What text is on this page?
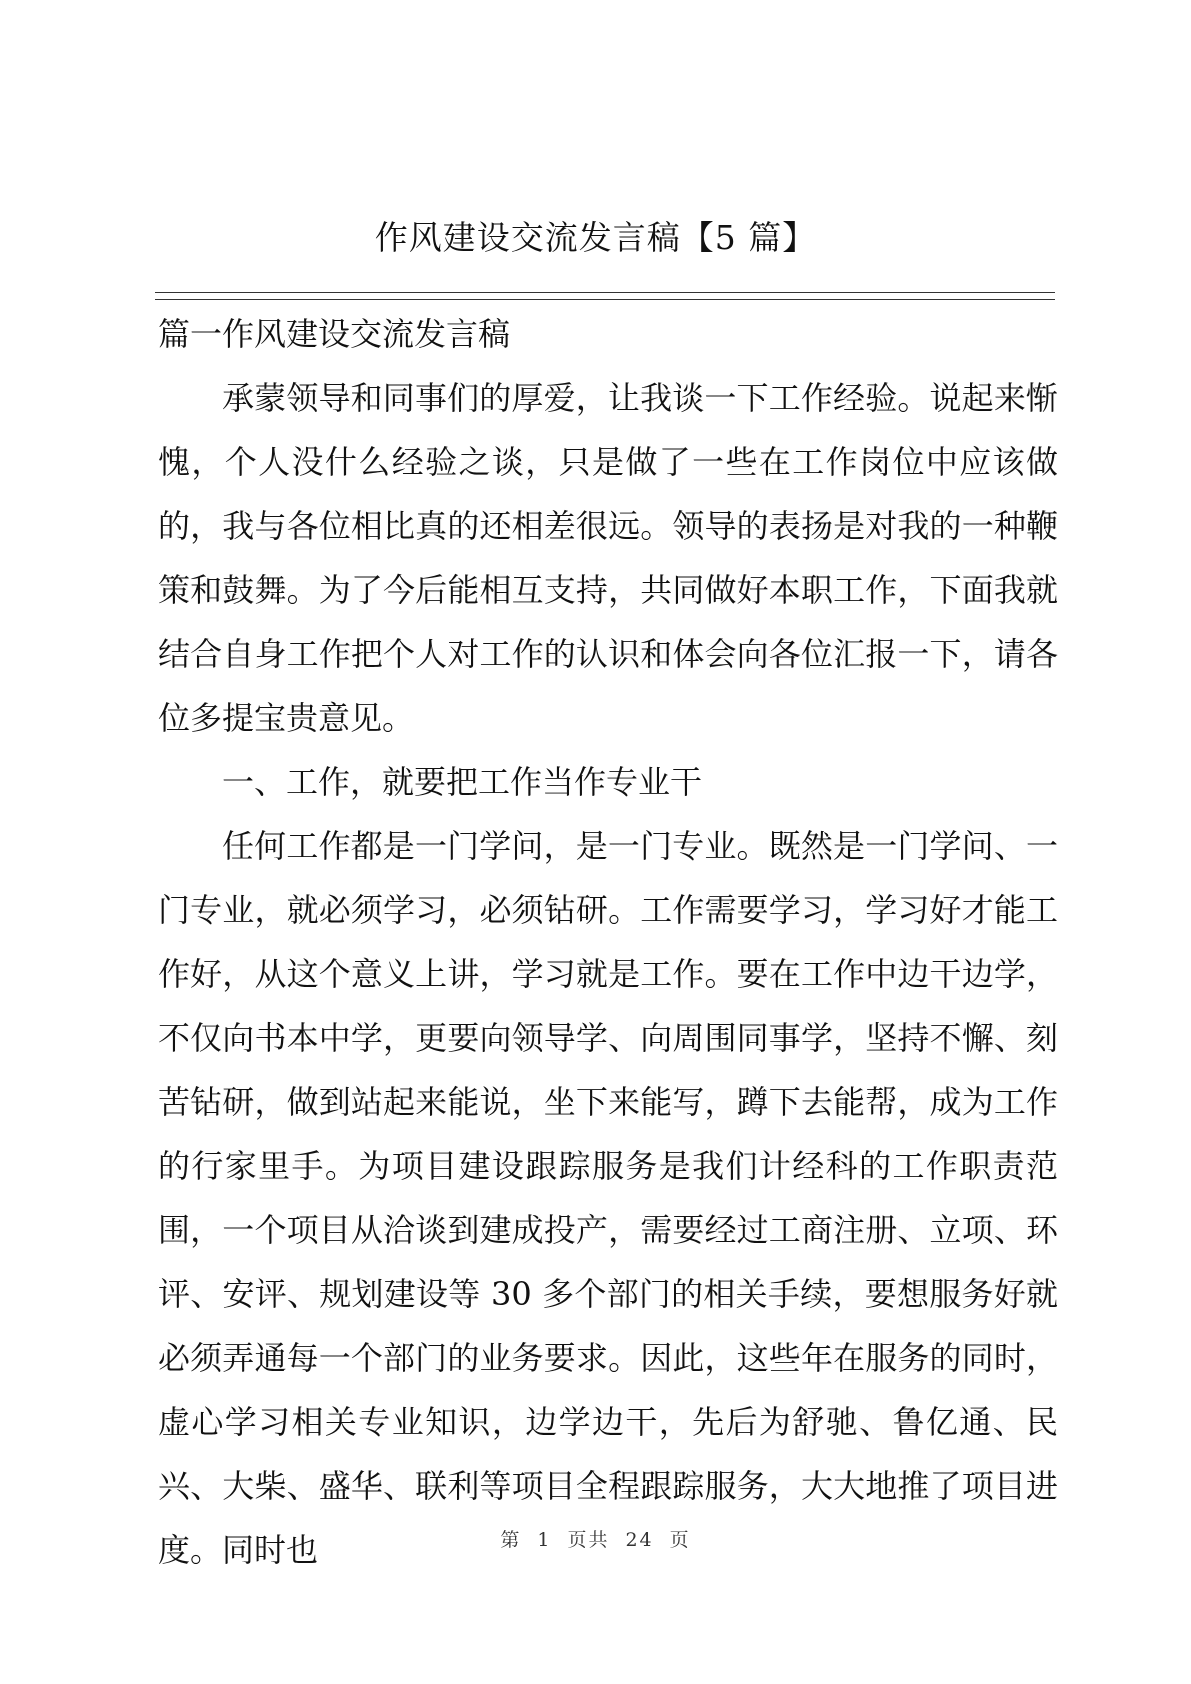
作风建设交流发言稿【5 篇】

篇一作风建设交流发言稿

承蒙领导和同事们的厚爱，让我谈一下工作经验。说起来惭愧，个人没什么经验之谈，只是做了一些在工作岗位中应该做的，我与各位相比真的还相差很远。领导的表扬是对我的一种鞭策和鼓舞。为了今后能相互支持，共同做好本职工作，下面我就结合自身工作把个人对工作的认识和体会向各位汇报一下，请各位多提宝贵意见。

一、工作，就要把工作当作专业干

任何工作都是一门学问，是一门专业。既然是一门学问、一门专业，就必须学习，必须钻研。工作需要学习，学习好才能工作好，从这个意义上讲，学习就是工作。要在工作中边干边学，不仅向书本中学，更要向领导学、向周围同事学，坚持不懈、刻苦钻研，做到站起来能说，坐下来能写，蹲下去能帮，成为工作的行家里手。为项目建设跟踪服务是我们计经科的工作职责范围，一个项目从洽谈到建成投产，需要经过工商注册、立项、环评、安评、规划建设等 30 多个部门的相关手续，要想服务好就必须弄通每一个部门的业务要求。因此，这些年在服务的同时，虚心学习相关专业知识，边学边干，先后为舒驰、鲁亿通、民兴、大柴、盛华、联利等项目全程跟踪服务，大大地推了项目进度。同时也	第 1 页共 24 页
